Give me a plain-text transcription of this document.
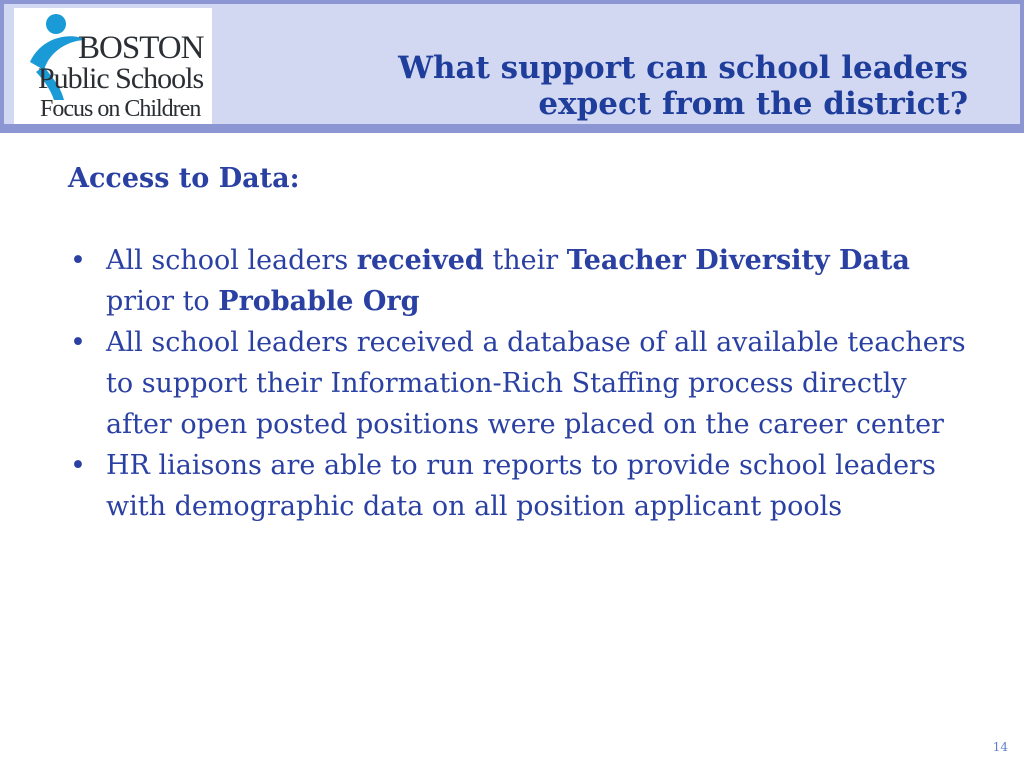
BOSTON
Public Schools
Focus on Children
What support can school leaders
expect from the district?

Access to Data:

• All school leaders received their Teacher Diversity Data prior to Probable Org
• All school leaders received a database of all available teachers to support their Information-Rich Staffing process directly after open posted positions were placed on the career center
• HR liaisons are able to run reports to provide school leaders with demographic data on all position applicant pools
14
